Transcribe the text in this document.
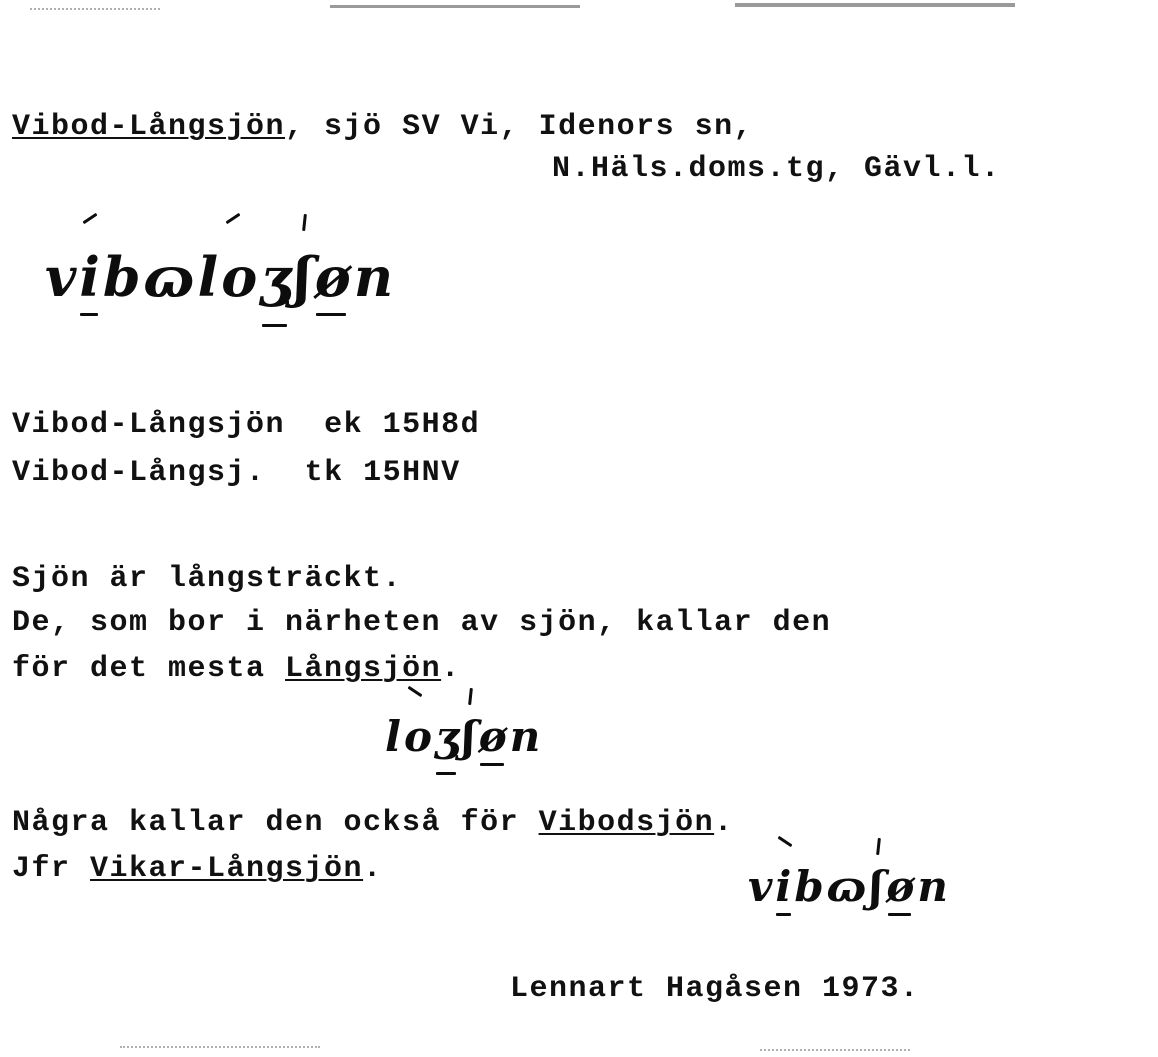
Vibod-Långsjön, sjö SV Vi, Idenors sn,
N.Häls.doms.tg, Gävl.l.
vibɷloʒʃøn
Vibod-Långsjön ek 15H8d
Vibod-Långsj. tk 15HNV
Sjön är långsträckt.
De, som bor i närheten av sjön, kallar den
för det mesta Långsjön.
loʒʃøn
Några kallar den också för Vibodsjön.
Jfr Vikar-Långsjön.	vibɷʃøn
Lennart Hagåsen 1973.
